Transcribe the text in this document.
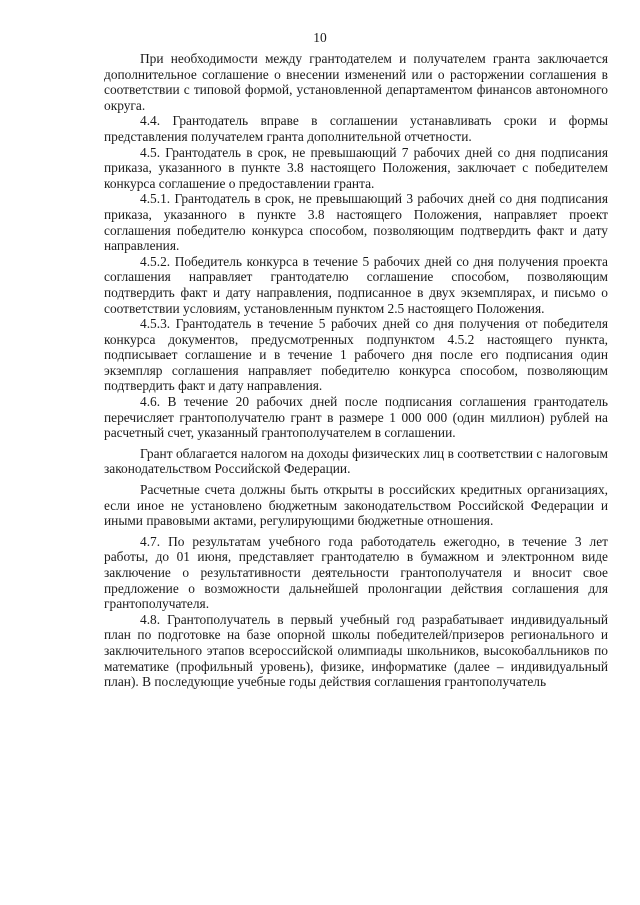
10

При необходимости между грантодателем и получателем гранта заключается дополнительное соглашение о внесении изменений или о расторжении соглашения в соответствии с типовой формой, установленной департаментом финансов автономного округа.

4.4. Грантодатель вправе в соглашении устанавливать сроки и формы представления получателем гранта дополнительной отчетности.

4.5. Грантодатель в срок, не превышающий 7 рабочих дней со дня подписания приказа, указанного в пункте 3.8 настоящего Положения, заключает с победителем конкурса соглашение о предоставлении гранта.

4.5.1. Грантодатель в срок, не превышающий 3 рабочих дней со дня подписания приказа, указанного в пункте 3.8 настоящего Положения, направляет проект соглашения победителю конкурса способом, позволяющим подтвердить факт и дату направления.

4.5.2. Победитель конкурса в течение 5 рабочих дней со дня получения проекта соглашения направляет грантодателю соглашение способом, позволяющим подтвердить факт и дату направления, подписанное в двух экземплярах, и письмо о соответствии условиям, установленным пунктом 2.5 настоящего Положения.

4.5.3. Грантодатель в течение 5 рабочих дней со дня получения от победителя конкурса документов, предусмотренных подпунктом 4.5.2 настоящего пункта, подписывает соглашение и в течение 1 рабочего дня после его подписания один экземпляр соглашения направляет победителю конкурса способом, позволяющим подтвердить факт и дату направления.

4.6. В течение 20 рабочих дней после подписания соглашения грантодатель перечисляет грантополучателю грант в размере 1 000 000 (один миллион) рублей на расчетный счет, указанный грантополучателем в соглашении.

Грант облагается налогом на доходы физических лиц в соответствии с налоговым законодательством Российской Федерации.

Расчетные счета должны быть открыты в российских кредитных организациях, если иное не установлено бюджетным законодательством Российской Федерации и иными правовыми актами, регулирующими бюджетные отношения.

4.7. По результатам учебного года работодатель ежегодно, в течение 3 лет работы, до 01 июня, представляет грантодателю в бумажном и электронном виде заключение о результативности деятельности грантополучателя и вносит свое предложение о возможности дальнейшей пролонгации действия соглашения для грантополучателя.

4.8. Грантополучатель в первый учебный год разрабатывает индивидуальный план по подготовке на базе опорной школы победителей/призеров регионального и заключительного этапов всероссийской олимпиады школьников, высокобалльников по математике (профильный уровень), физике, информатике (далее – индивидуальный план). В последующие учебные годы действия соглашения грантополучатель
